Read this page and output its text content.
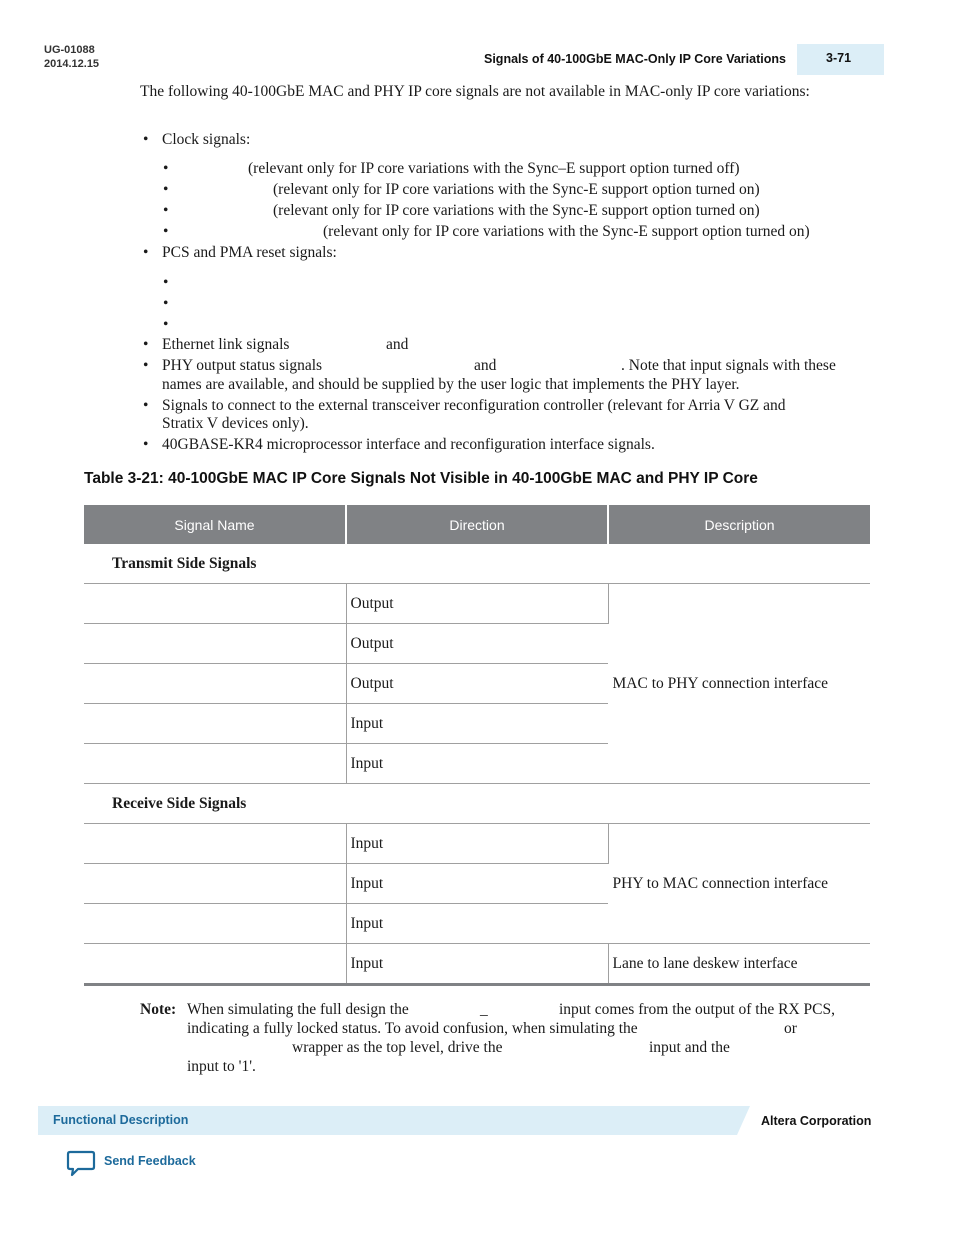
UG-01088
2014.12.15	Signals of 40-100GbE MAC-Only IP Core Variations	3-71
The following 40-100GbE MAC and PHY IP core signals are not available in MAC-only IP core variations:
• Clock signals:
•	(relevant only for IP core variations with the Sync–E support option turned off)
•	(relevant only for IP core variations with the Sync-E support option turned on)
•	(relevant only for IP core variations with the Sync-E support option turned on)
•	(relevant only for IP core variations with the Sync-E support option turned on)
• PCS and PMA reset signals:
•
•
•
• Ethernet link signals	and
• PHY output status signals	and	. Note that input signals with these
names are available, and should be supplied by the user logic that implements the PHY layer.
• Signals to connect to the external transceiver reconfiguration controller (relevant for Arria V GZ and
Stratix V devices only).
• 40GBASE-KR4 microprocessor interface and reconfiguration interface signals.
Table 3-21: 40-100GbE MAC IP Core Signals Not Visible in 40-100GbE MAC and PHY IP Core
Signal Name	Direction	Description
Transmit Side Signals		
	Output	MAC to PHY connection interface
	Output	
	Output	
	Input	
	Input	
Receive Side Signals		
	Input	PHY to MAC connection interface
	Input	
	Input	
	Input	Lane to lane deskew interface
Note: When simulating the full design the	_	input comes from the output of the RX PCS,
indicating a fully locked status. To avoid confusion, when simulating the	or
wrapper as the top level, drive the	input and the
input to '1'.
Functional Description	Altera Corporation
Send Feedback
